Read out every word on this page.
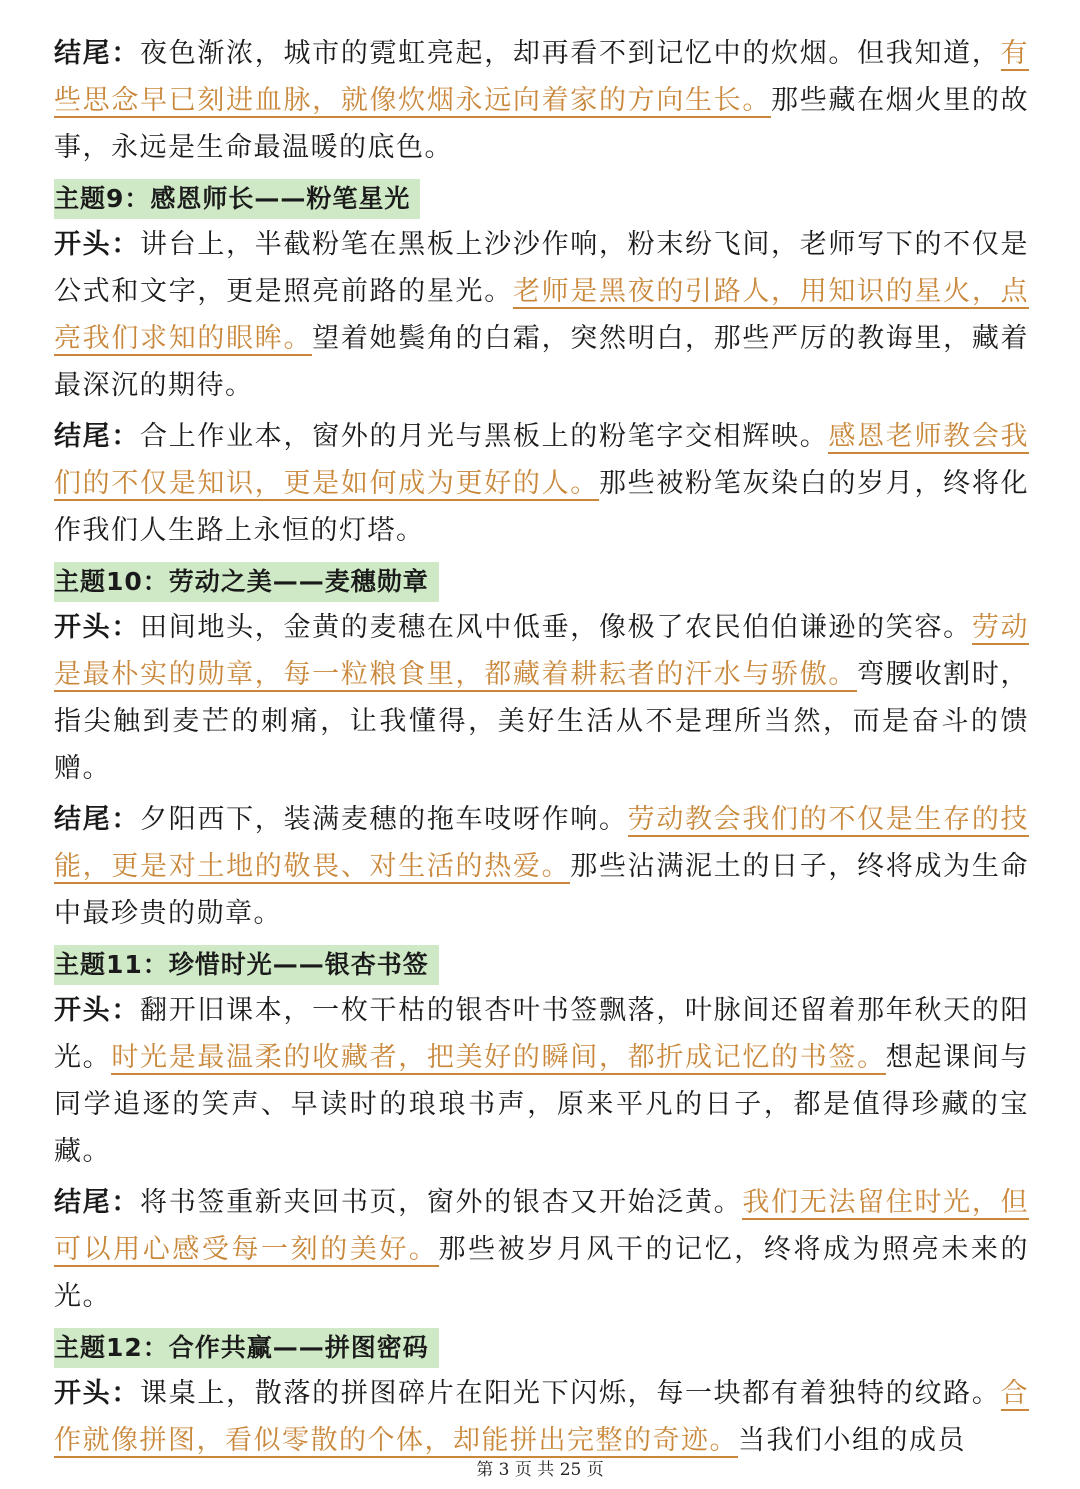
结尾：夜色渐浓，城市的霓虹亮起，却再看不到记忆中的炊烟。但我知道，有些思念早已刻进血脉，就像炊烟永远向着家的方向生长。那些藏在烟火里的故事，永远是生命最温暖的底色。

主题9：感恩师长——粉笔星光

开头：讲台上，半截粉笔在黑板上沙沙作响，粉末纷飞间，老师写下的不仅是公式和文字，更是照亮前路的星光。老师是黑夜的引路人，用知识的星火，点亮我们求知的眼眸。望着她鬓角的白霜，突然明白，那些严厉的教诲里，藏着最深沉的期待。

结尾：合上作业本，窗外的月光与黑板上的粉笔字交相辉映。感恩老师教会我们的不仅是知识，更是如何成为更好的人。那些被粉笔灰染白的岁月，终将化作我们人生路上永恒的灯塔。

主题10：劳动之美——麦穗勋章

开头：田间地头，金黄的麦穗在风中低垂，像极了农民伯伯谦逊的笑容。劳动是最朴实的勋章，每一粒粮食里，都藏着耕耘者的汗水与骄傲。弯腰收割时，指尖触到麦芒的刺痛，让我懂得，美好生活从不是理所当然，而是奋斗的馈赠。

结尾：夕阳西下，装满麦穗的拖车吱呀作响。劳动教会我们的不仅是生存的技能，更是对土地的敬畏、对生活的热爱。那些沾满泥土的日子，终将成为生命中最珍贵的勋章。

主题11：珍惜时光——银杏书签

开头：翻开旧课本，一枚干枯的银杏叶书签飘落，叶脉间还留着那年秋天的阳光。时光是最温柔的收藏者，把美好的瞬间，都折成记忆的书签。想起课间与同学追逐的笑声、早读时的琅琅书声，原来平凡的日子，都是值得珍藏的宝藏。

结尾：将书签重新夹回书页，窗外的银杏又开始泛黄。我们无法留住时光，但可以用心感受每一刻的美好。那些被岁月风干的记忆，终将成为照亮未来的光。

主题12：合作共赢——拼图密码

开头：课桌上，散落的拼图碎片在阳光下闪烁，每一块都有着独特的纹路。合作就像拼图，看似零散的个体，却能拼出完整的奇迹。当我们小组的成员

第 3 页 共 25 页
